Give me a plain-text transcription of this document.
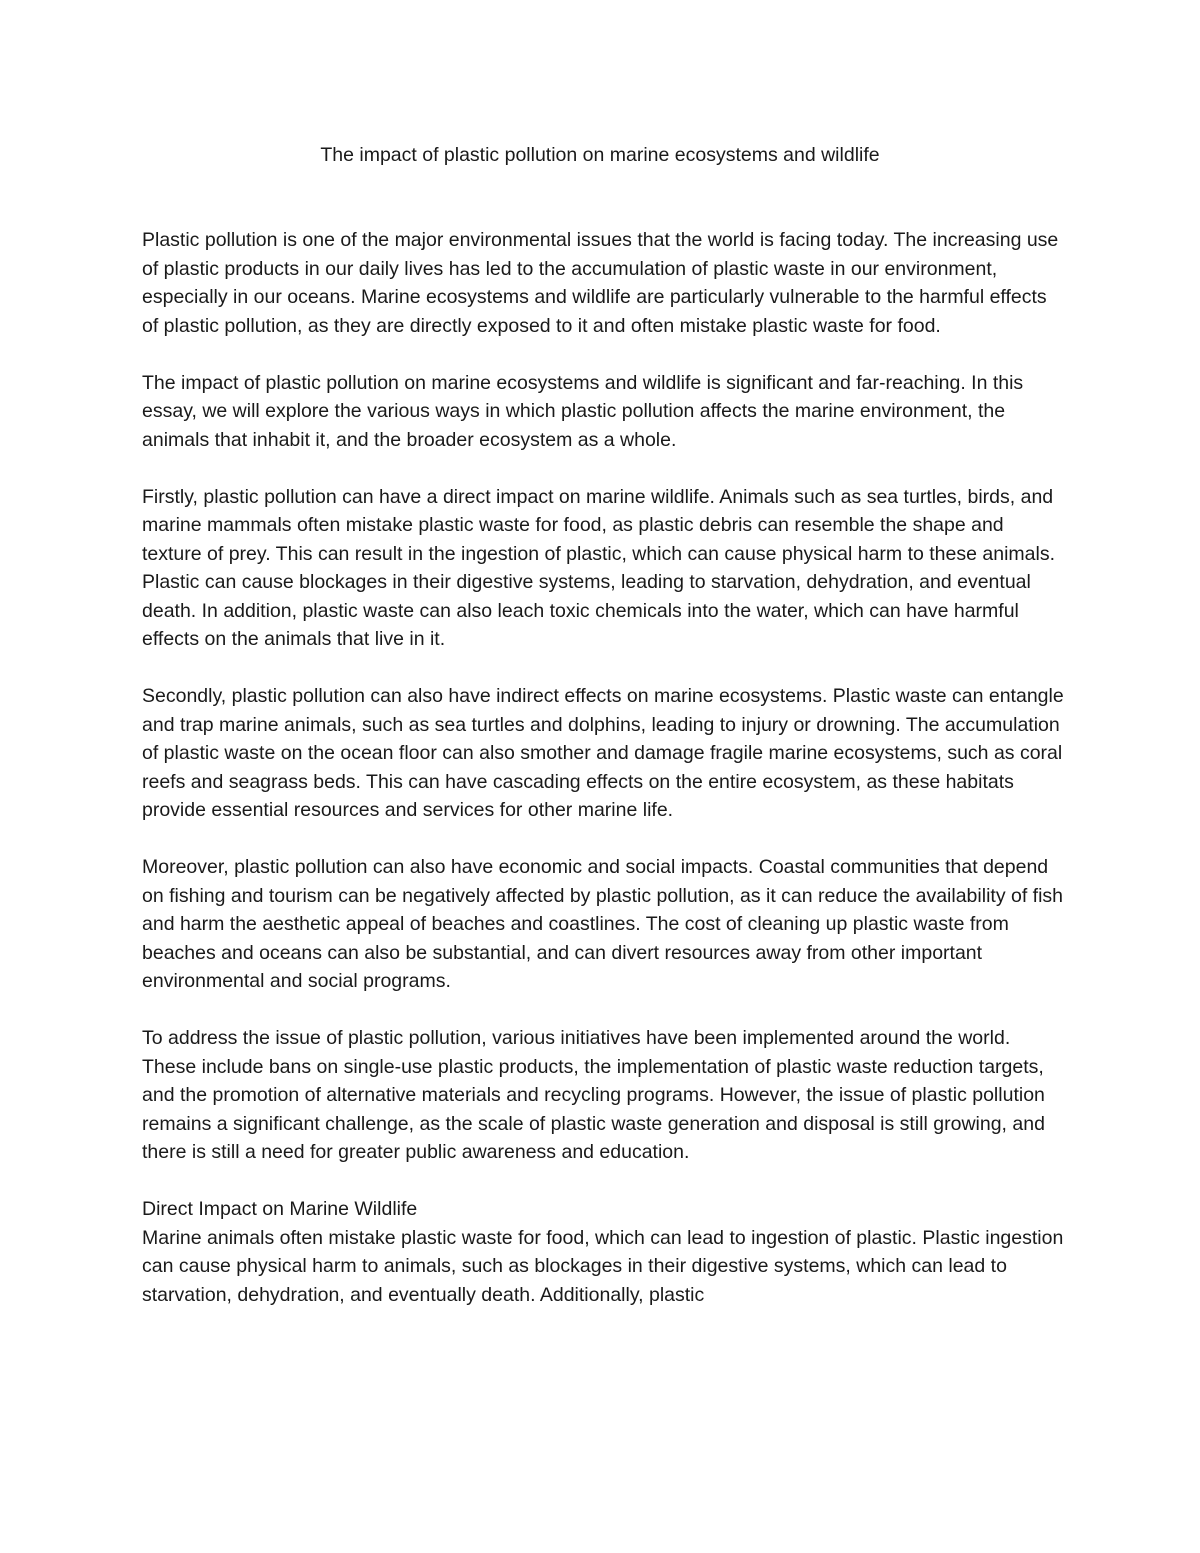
The impact of plastic pollution on marine ecosystems and wildlife

Plastic pollution is one of the major environmental issues that the world is facing today. The increasing use of plastic products in our daily lives has led to the accumulation of plastic waste in our environment, especially in our oceans. Marine ecosystems and wildlife are particularly vulnerable to the harmful effects of plastic pollution, as they are directly exposed to it and often mistake plastic waste for food.

The impact of plastic pollution on marine ecosystems and wildlife is significant and far-reaching. In this essay, we will explore the various ways in which plastic pollution affects the marine environment, the animals that inhabit it, and the broader ecosystem as a whole.

Firstly, plastic pollution can have a direct impact on marine wildlife. Animals such as sea turtles, birds, and marine mammals often mistake plastic waste for food, as plastic debris can resemble the shape and texture of prey. This can result in the ingestion of plastic, which can cause physical harm to these animals. Plastic can cause blockages in their digestive systems, leading to starvation, dehydration, and eventual death. In addition, plastic waste can also leach toxic chemicals into the water, which can have harmful effects on the animals that live in it.

Secondly, plastic pollution can also have indirect effects on marine ecosystems. Plastic waste can entangle and trap marine animals, such as sea turtles and dolphins, leading to injury or drowning. The accumulation of plastic waste on the ocean floor can also smother and damage fragile marine ecosystems, such as coral reefs and seagrass beds. This can have cascading effects on the entire ecosystem, as these habitats provide essential resources and services for other marine life.

Moreover, plastic pollution can also have economic and social impacts. Coastal communities that depend on fishing and tourism can be negatively affected by plastic pollution, as it can reduce the availability of fish and harm the aesthetic appeal of beaches and coastlines. The cost of cleaning up plastic waste from beaches and oceans can also be substantial, and can divert resources away from other important environmental and social programs.

To address the issue of plastic pollution, various initiatives have been implemented around the world. These include bans on single-use plastic products, the implementation of plastic waste reduction targets, and the promotion of alternative materials and recycling programs. However, the issue of plastic pollution remains a significant challenge, as the scale of plastic waste generation and disposal is still growing, and there is still a need for greater public awareness and education.

Direct Impact on Marine Wildlife

Marine animals often mistake plastic waste for food, which can lead to ingestion of plastic. Plastic ingestion can cause physical harm to animals, such as blockages in their digestive systems, which can lead to starvation, dehydration, and eventually death. Additionally, plastic
